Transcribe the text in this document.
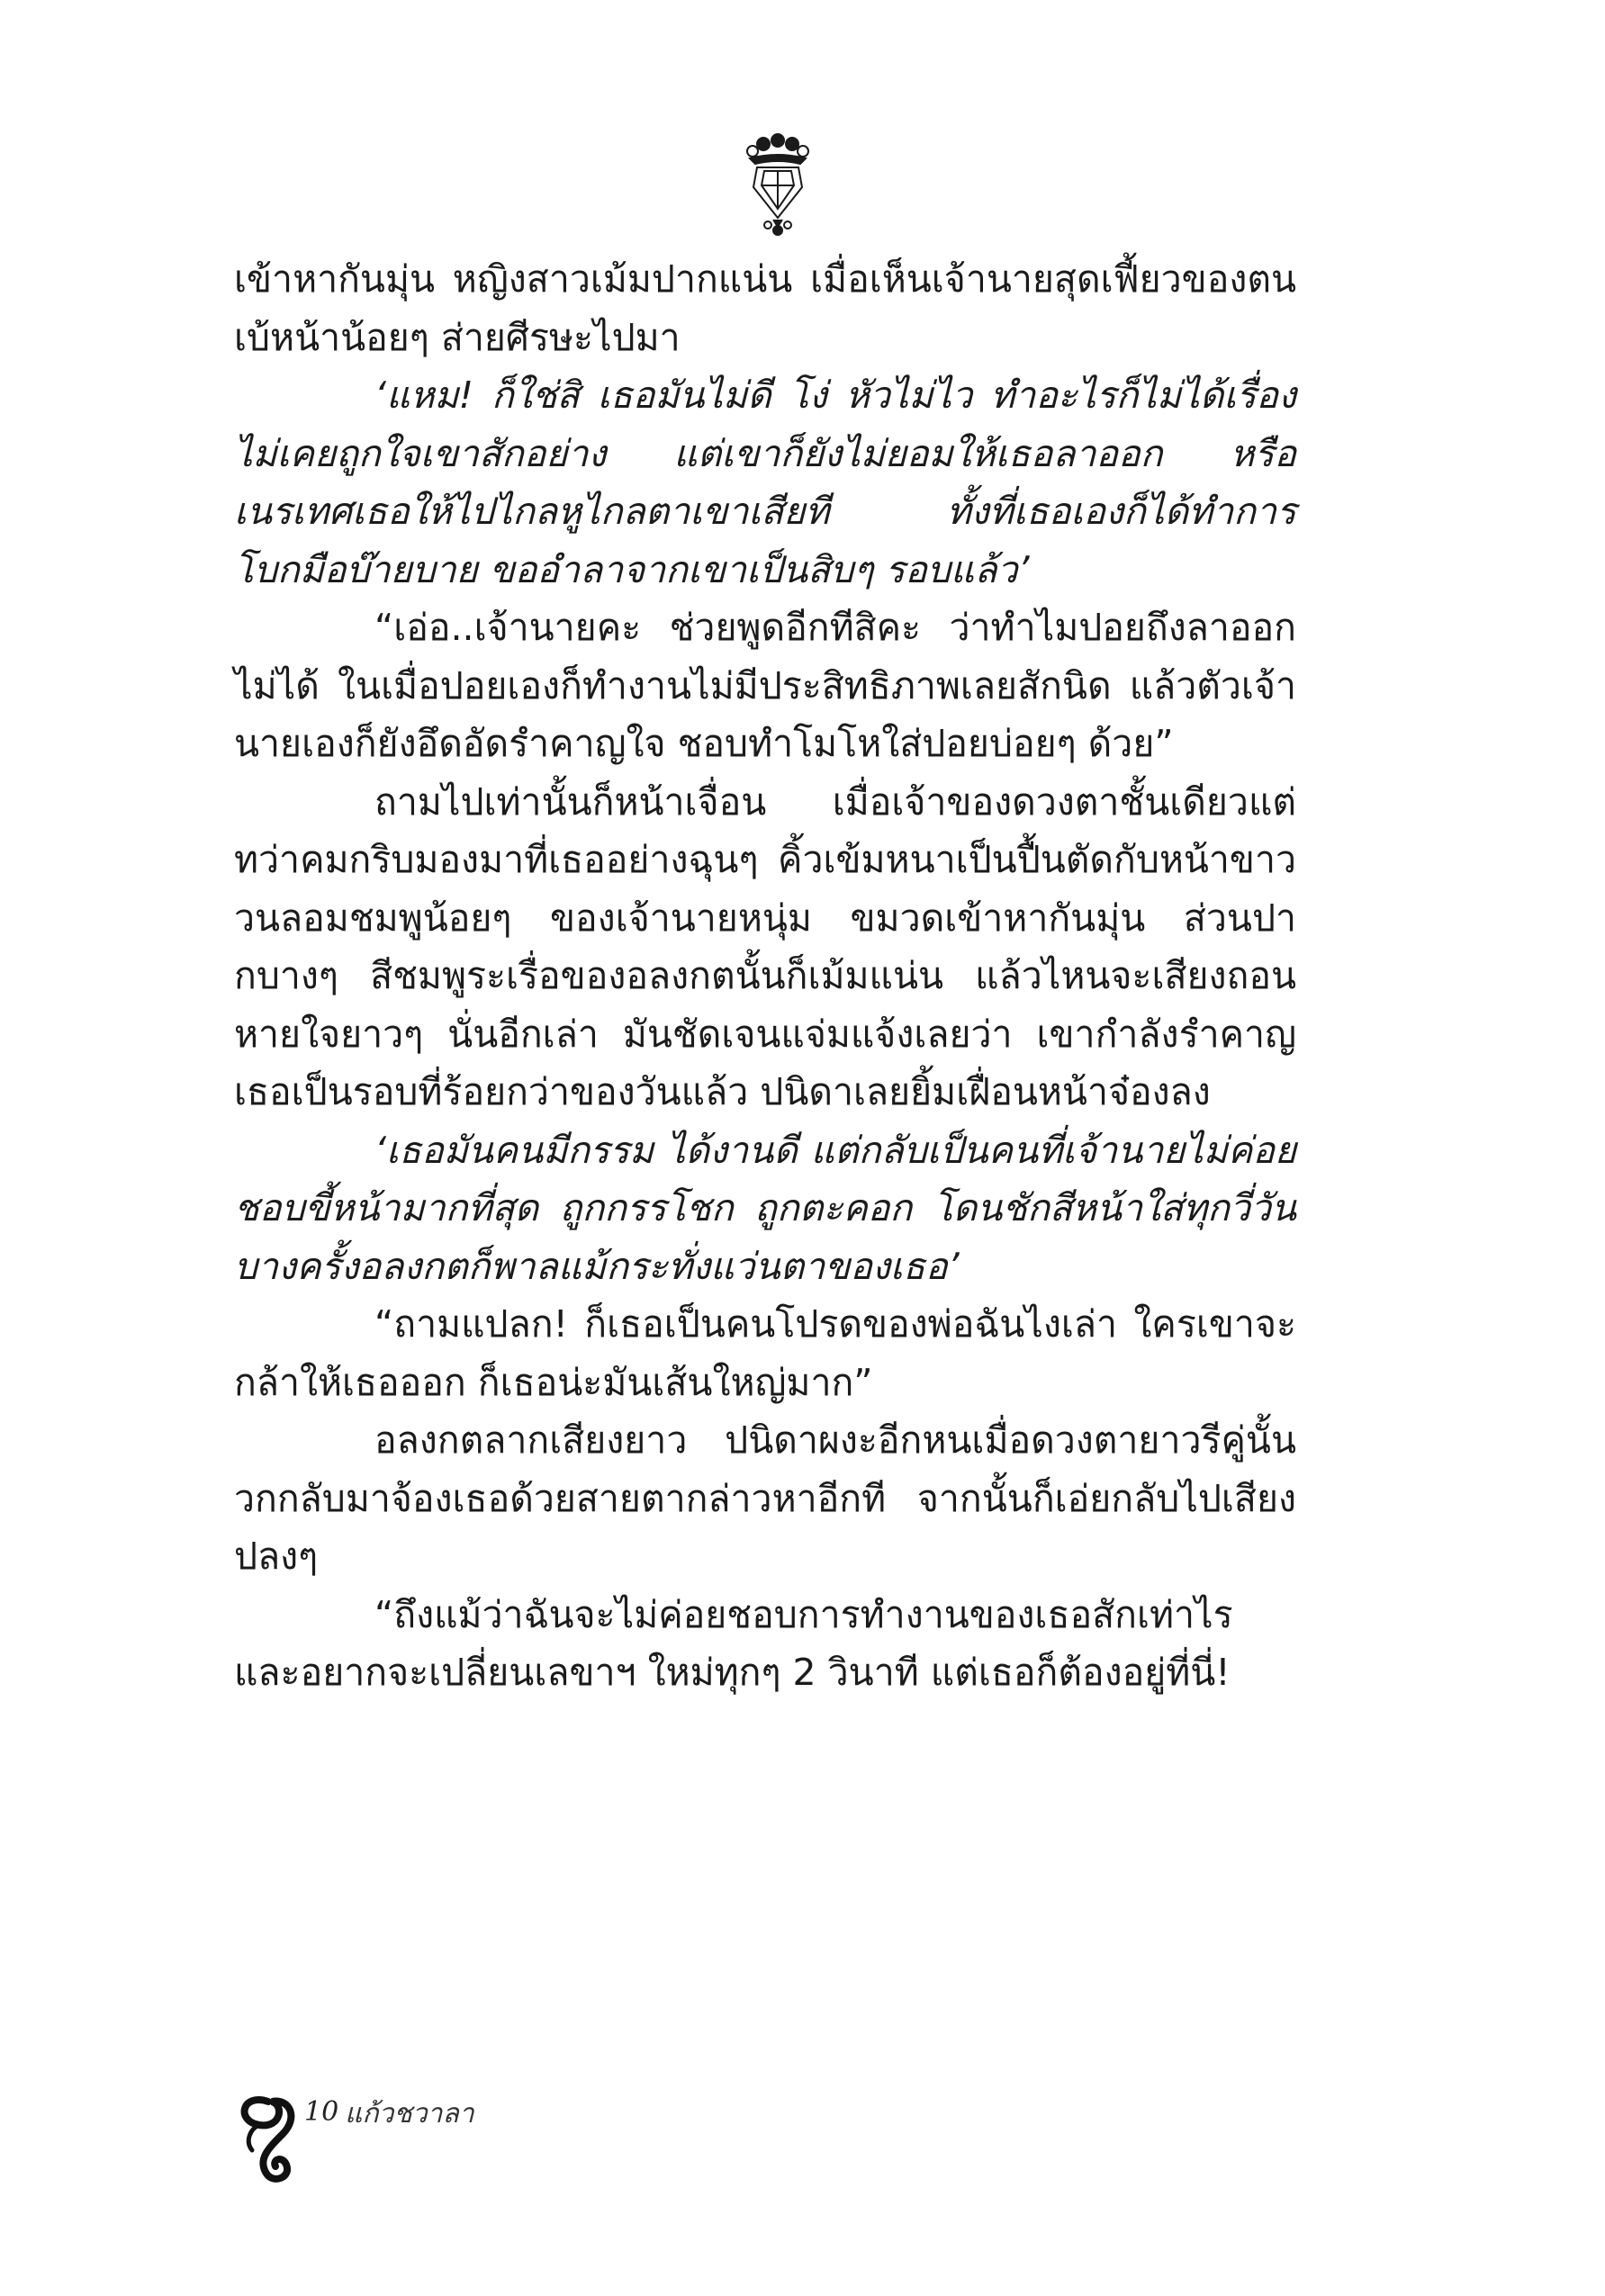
เข้าหากันมุ่น หญิงสาวเม้มปากแน่น เมื่อเห็นเจ้านายสุดเฟี้ยวของตนเบ้หน้าน้อยๆ ส่ายศีรษะไปมา

‘แหม! ก็ใช่สิ เธอมันไม่ดี โง่ หัวไม่ไว ทำอะไรก็ไม่ได้เรื่อง ไม่เคยถูกใจเขาสักอย่าง แต่เขาก็ยังไม่ยอมให้เธอลาออก หรือเนรเทศเธอให้ไปไกลหูไกลตาเขาเสียที ทั้งที่เธอเองก็ได้ทำการโบกมือบ๊ายบาย ขออำลาจากเขาเป็นสิบๆ รอบแล้ว’

“เอ่อ..เจ้านายคะ ช่วยพูดอีกทีสิคะ ว่าทำไมปอยถึงลาออกไม่ได้ ในเมื่อปอยเองก็ทำงานไม่มีประสิทธิภาพเลยสักนิด แล้วตัวเจ้านายเองก็ยังอึดอัดรำคาญใจ ชอบทำโมโหใส่ปอยบ่อยๆ ด้วย”

ถามไปเท่านั้นก็หน้าเจื่อน เมื่อเจ้าของดวงตาชั้นเดียวแต่ทว่าคมกริบมองมาที่เธออย่างฉุนๆ คิ้วเข้มหนาเป็นปื้นตัดกับหน้าขาววนลอมชมพูน้อยๆ ของเจ้านายหนุ่ม ขมวดเข้าหากันมุ่น ส่วนปากบางๆ สีชมพูระเรื่อของอลงกตนั้นก็เม้มแน่น แล้วไหนจะเสียงถอนหายใจยาวๆ นั่นอีกเล่า มันชัดเจนแจ่มแจ้งเลยว่า เขากำลังรำคาญเธอเป็นรอบที่ร้อยกว่าของวันแล้ว ปนิดาเลยยิ้มเฝื่อนหน้าจ๋องลง

‘เธอมันคนมีกรรม ได้งานดี แต่กลับเป็นคนที่เจ้านายไม่ค่อยชอบขี้หน้ามากที่สุด ถูกกรรโชก ถูกตะคอก โดนชักสีหน้าใส่ทุกวี่วันบางครั้งอลงกตก็พาลแม้กระทั่งแว่นตาของเธอ’

“ถามแปลก! ก็เธอเป็นคนโปรดของพ่อฉันไงเล่า ใครเขาจะกล้าให้เธอออก ก็เธอน่ะมันเส้นใหญ่มาก”

อลงกตลากเสียงยาว ปนิดาผงะอีกหนเมื่อดวงตายาวรีคู่นั้นวกกลับมาจ้องเธอด้วยสายตากล่าวหาอีกที จากนั้นก็เอ่ยกลับไปเสียงปลงๆ

“ถึงแม้ว่าฉันจะไม่ค่อยชอบการทำงานของเธอสักเท่าไร และอยากจะเปลี่ยนเลขาฯ ใหม่ทุกๆ 2 วินาที แต่เธอก็ต้องอยู่ที่นี่!

10 แก้วชวาลา
